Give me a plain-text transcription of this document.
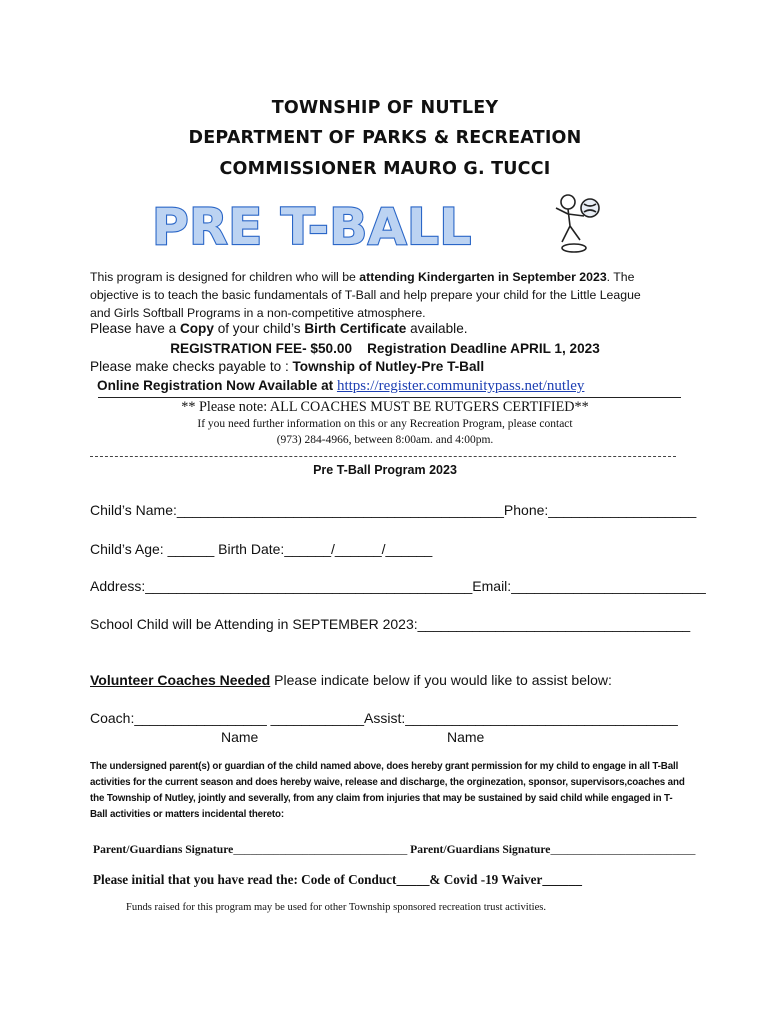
TOWNSHIP OF NUTLEY
DEPARTMENT OF PARKS & RECREATION
COMMISSIONER MAURO G. TUCCI
PRE T-BALL
This program is designed for children who will be attending Kindergarten in September 2023. The
objective is to teach the basic fundamentals of T-Ball and help prepare your child for the Little League
and Girls Softball Programs in a non-competitive atmosphere.
Please have a Copy of your child’s Birth Certificate available.
REGISTRATION FEE- $50.00 Registration Deadline APRIL 1, 2023
Please make checks payable to : Township of Nutley-Pre T-Ball
Online Registration Now Available at https://register.communitypass.net/nutley
** Please note: ALL COACHES MUST BE RUTGERS CERTIFIED**
If you need further information on this or any Recreation Program, please contact
(973) 284-4966, between 8:00am. and 4:00pm.
Pre T-Ball Program 2023
Child’s Name:__________________________________________Phone:___________________
Child’s Age: ______ Birth Date:______/______/______
Address:__________________________________________Email:_________________________
School Child will be Attending in SEPTEMBER 2023:___________________________________
Volunteer Coaches Needed Please indicate below if you would like to assist below:
Coach:_________________ ____________Assist:___________________________________
Name	Name
The undersigned parent(s) or guardian of the child named above, does hereby grant permission for my child to engage in all T-Ball
activities for the current season and does hereby waive, release and discharge, the orginezation, sponsor, supervisors,coaches and
the Township of Nutley, jointly and severally, from any claim from injuries that may be sustained by said child while engaged in T-
Ball activities or matters incidental thereto:
Parent/Guardians Signature______________________________ Parent/Guardians Signature_________________________
Please initial that you have read the: Code of Conduct_____& Covid -19 Waiver______
Funds raised for this program may be used for other Township sponsored recreation trust activities.
